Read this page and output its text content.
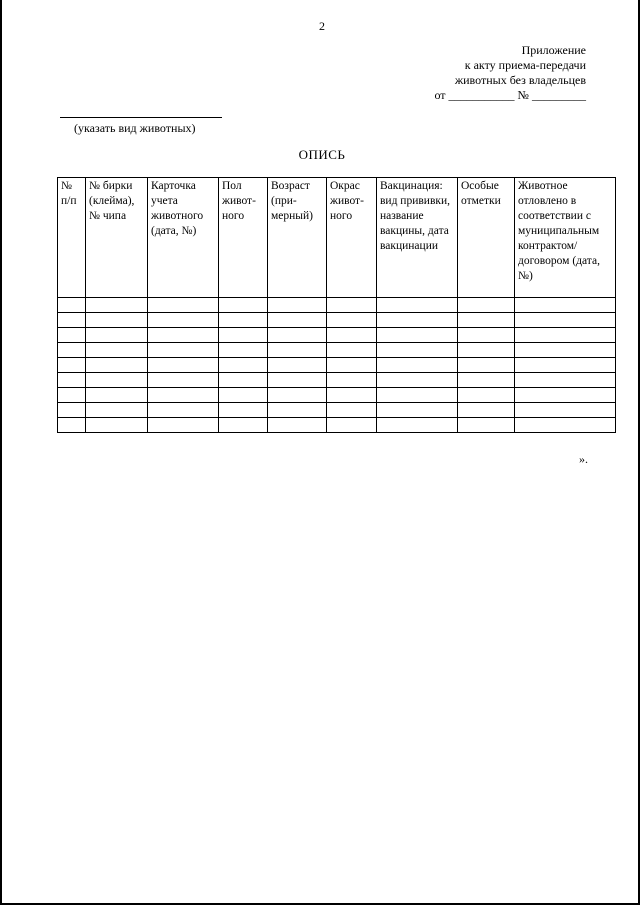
2
Приложение
к акту приема-передачи
животных без владельцев
от ___________ № _________
(указать вид животных)
ОПИСЬ
№ п/п	№ бирки (клейма), № чипа	Карточка учета животного (дата, №)	Пол живот-ного	Возраст (при-мерный)	Окрас живот-ного	Вакцинация: вид прививки, название вакцины, дата вакцинации	Особые отметки	Животное отловлено в соответствии с муниципальным контрактом/ договором (дата, №)

».
